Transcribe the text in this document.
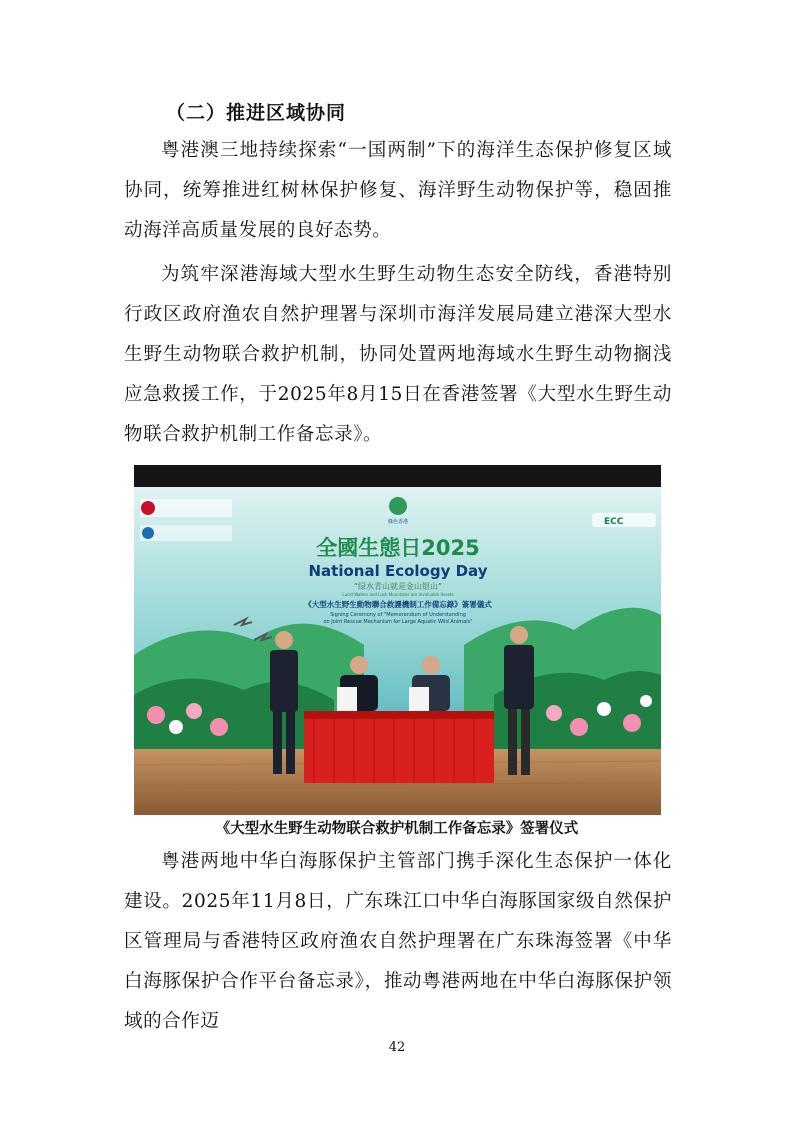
（二）推进区域协同
粤港澳三地持续探索“一国两制”下的海洋生态保护修复区域协同，统筹推进红树林保护修复、海洋野生动物保护等，稳固推动海洋高质量发展的良好态势。
为筑牢深港海域大型水生野生动物生态安全防线，香港特别行政区政府渔农自然护理署与深圳市海洋发展局建立港深大型水生野生动物联合救护机制，协同处置两地海域水生野生动物搁浅应急救援工作，于2025年8月15日在香港签署《大型水生野生动物联合救护机制工作备忘录》。
綠色香港	ECC
全國生態日2025
National Ecology Day
“绿水青山就是金山银山”
Lucid Waters and Lush Mountains are Invaluable Assets
《大型水生野生動物聯合救護機制工作備忘錄》簽署儀式
Signing Ceremony of "Memorandum of Understanding
on Joint Rescue Mechanism for Large Aquatic Wild Animals"
《大型水生野生动物联合救护机制工作备忘录》签署仪式
粤港两地中华白海豚保护主管部门携手深化生态保护一体化建设。2025年11月8日，广东珠江口中华白海豚国家级自然保护区管理局与香港特区政府渔农自然护理署在广东珠海签署《中华白海豚保护合作平台备忘录》，推动粤港两地在中华白海豚保护领域的合作迈
42
